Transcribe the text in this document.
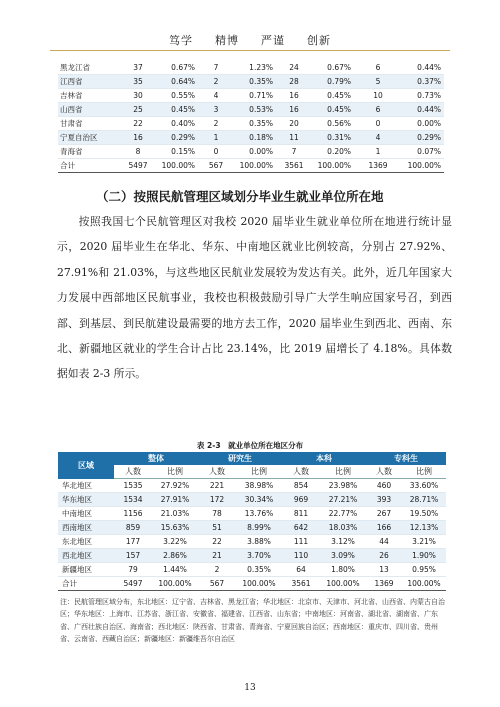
笃学 精博 严谨 创新
黑龙江省	37	0.67%	7	1.23%	24	0.67%	6	0.44%
江西省	35	0.64%	2	0.35%	28	0.79%	5	0.37%
吉林省	30	0.55%	4	0.71%	16	0.45%	10	0.73%
山西省	25	0.45%	3	0.53%	16	0.45%	6	0.44%
甘肃省	22	0.40%	2	0.35%	20	0.56%	0	0.00%
宁夏自治区	16	0.29%	1	0.18%	11	0.31%	4	0.29%
青海省	8	0.15%	0	0.00%	7	0.20%	1	0.07%
合计	5497	100.00%	567	100.00%	3561	100.00%	1369	100.00%
（二）按照民航管理区域划分毕业生就业单位所在地

按照我国七个民航管理区对我校 2020 届毕业生就业单位所在地进行统计显示，2020 届毕业生在华北、华东、中南地区就业比例较高，分别占 27.92%、27.91%和 21.03%，与这些地区民航业发展较为发达有关。此外，近几年国家大力发展中西部地区民航事业，我校也积极鼓励引导广大学生响应国家号召，到西部、到基层、到民航建设最需要的地方去工作，2020 届毕业生到西北、西南、东北、新疆地区就业的学生合计占比 23.14%，比 2019 届增长了 4.18%。具体数据如表 2-3 所示。

表 2-3　就业单位所在地区分布
区域	整体		研究生		本科		专科生	
	人数	比例	人数	比例	人数	比例	人数	比例
华北地区	1535	27.92%	221	38.98%	854	23.98%	460	33.60%
华东地区	1534	27.91%	172	30.34%	969	27.21%	393	28.71%
中南地区	1156	21.03%	78	13.76%	811	22.77%	267	19.50%
西南地区	859	15.63%	51	8.99%	642	18.03%	166	12.13%
东北地区	177	3.22%	22	3.88%	111	3.12%	44	3.21%
西北地区	157	2.86%	21	3.70%	110	3.09%	26	1.90%
新疆地区	79	1.44%	2	0.35%	64	1.80%	13	0.95%
合计	5497	100.00%	567	100.00%	3561	100.00%	1369	100.00%

注：民航管理区域分布，东北地区：辽宁省、吉林省、黑龙江省；华北地区：北京市、天津市、河北省、山西省、内蒙古自治区；华东地区：上海市、江苏省、浙江省、安徽省、福建省、江西省、山东省；中南地区：河南省、湖北省、湖南省、广东省、广西壮族自治区、海南省；西北地区：陕西省、甘肃省、青海省、宁夏回族自治区；西南地区：重庆市、四川省、贵州省、云南省、西藏自治区；新疆地区：新疆维吾尔自治区

13
